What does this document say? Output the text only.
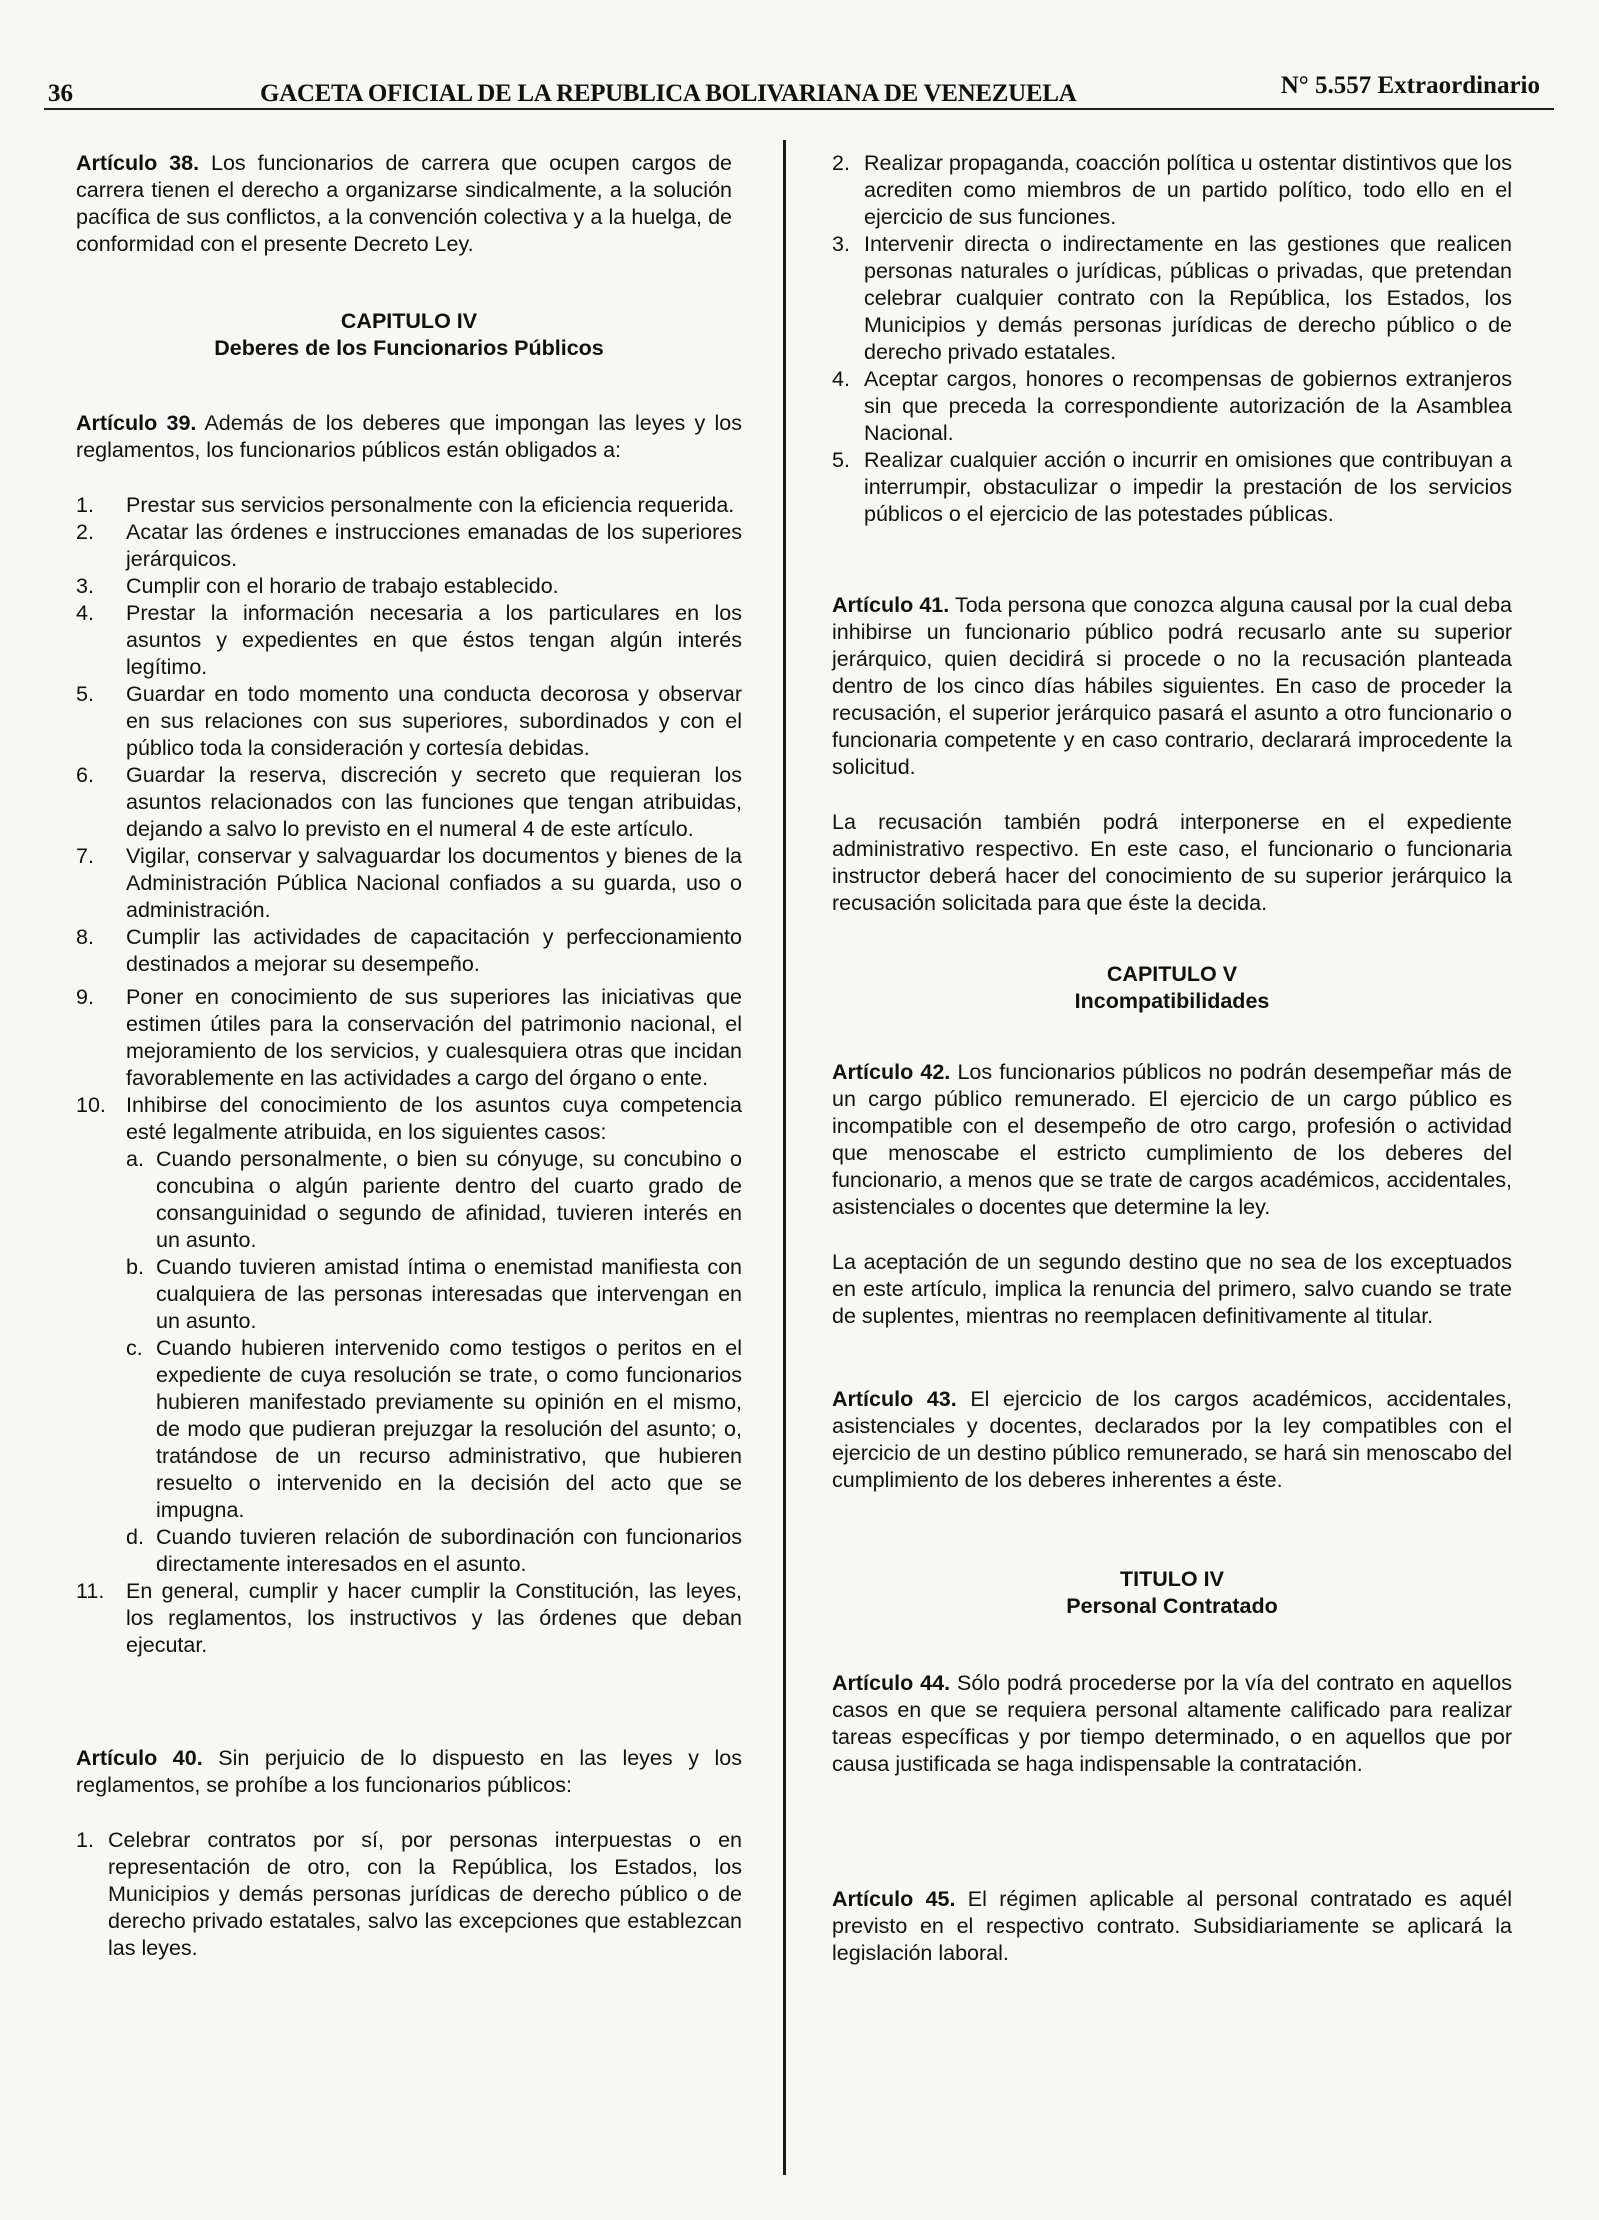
36	GACETA OFICIAL DE LA REPUBLICA BOLIVARIANA DE VENEZUELA	N° 5.557 Extraordinario

Artículo 38. Los funcionarios de carrera que ocupen cargos de carrera tienen el derecho a organizarse sindicalmente, a la solución pacífica de sus conflictos, a la convención colectiva y a la huelga, de conformidad con el presente Decreto Ley.

CAPITULO IV
Deberes de los Funcionarios Públicos

Artículo 39. Además de los deberes que impongan las leyes y los reglamentos, los funcionarios públicos están obligados a:

1. Prestar sus servicios personalmente con la eficiencia requerida.
2. Acatar las órdenes e instrucciones emanadas de los superiores jerárquicos.
3. Cumplir con el horario de trabajo establecido.
4. Prestar la información necesaria a los particulares en los asuntos y expedientes en que éstos tengan algún interés legítimo.
5. Guardar en todo momento una conducta decorosa y observar en sus relaciones con sus superiores, subordinados y con el público toda la consideración y cortesía debidas.
6. Guardar la reserva, discreción y secreto que requieran los asuntos relacionados con las funciones que tengan atribuidas, dejando a salvo lo previsto en el numeral 4 de este artículo.
7. Vigilar, conservar y salvaguardar los documentos y bienes de la Administración Pública Nacional confiados a su guarda, uso o administración.
8. Cumplir las actividades de capacitación y perfeccionamiento destinados a mejorar su desempeño.
9. Poner en conocimiento de sus superiores las iniciativas que estimen útiles para la conservación del patrimonio nacional, el mejoramiento de los servicios, y cualesquiera otras que incidan favorablemente en las actividades a cargo del órgano o ente.
10. Inhibirse del conocimiento de los asuntos cuya competencia esté legalmente atribuida, en los siguientes casos:
a. Cuando personalmente, o bien su cónyuge, su concubino o concubina o algún pariente dentro del cuarto grado de consanguinidad o segundo de afinidad, tuvieren interés en un asunto.
b. Cuando tuvieren amistad íntima o enemistad manifiesta con cualquiera de las personas interesadas que intervengan en un asunto.
c. Cuando hubieren intervenido como testigos o peritos en el expediente de cuya resolución se trate, o como funcionarios hubieren manifestado previamente su opinión en el mismo, de modo que pudieran prejuzgar la resolución del asunto; o, tratándose de un recurso administrativo, que hubieren resuelto o intervenido en la decisión del acto que se impugna.
d. Cuando tuvieren relación de subordinación con funcionarios directamente interesados en el asunto.
11. En general, cumplir y hacer cumplir la Constitución, las leyes, los reglamentos, los instructivos y las órdenes que deban ejecutar.

Artículo 40. Sin perjuicio de lo dispuesto en las leyes y los reglamentos, se prohíbe a los funcionarios públicos:

1. Celebrar contratos por sí, por personas interpuestas o en representación de otro, con la República, los Estados, los Municipios y demás personas jurídicas de derecho público o de derecho privado estatales, salvo las excepciones que establezcan las leyes.
2. Realizar propaganda, coacción política u ostentar distintivos que los acrediten como miembros de un partido político, todo ello en el ejercicio de sus funciones.
3. Intervenir directa o indirectamente en las gestiones que realicen personas naturales o jurídicas, públicas o privadas, que pretendan celebrar cualquier contrato con la República, los Estados, los Municipios y demás personas jurídicas de derecho público o de derecho privado estatales.
4. Aceptar cargos, honores o recompensas de gobiernos extranjeros sin que preceda la correspondiente autorización de la Asamblea Nacional.
5. Realizar cualquier acción o incurrir en omisiones que contribuyan a interrumpir, obstaculizar o impedir la prestación de los servicios públicos o el ejercicio de las potestades públicas.

Artículo 41. Toda persona que conozca alguna causal por la cual deba inhibirse un funcionario público podrá recusarlo ante su superior jerárquico, quien decidirá si procede o no la recusación planteada dentro de los cinco días hábiles siguientes. En caso de proceder la recusación, el superior jerárquico pasará el asunto a otro funcionario o funcionaria competente y en caso contrario, declarará improcedente la solicitud.

La recusación también podrá interponerse en el expediente administrativo respectivo. En este caso, el funcionario o funcionaria instructor deberá hacer del conocimiento de su superior jerárquico la recusación solicitada para que éste la decida.

CAPITULO V
Incompatibilidades

Artículo 42. Los funcionarios públicos no podrán desempeñar más de un cargo público remunerado. El ejercicio de un cargo público es incompatible con el desempeño de otro cargo, profesión o actividad que menoscabe el estricto cumplimiento de los deberes del funcionario, a menos que se trate de cargos académicos, accidentales, asistenciales o docentes que determine la ley.

La aceptación de un segundo destino que no sea de los exceptuados en este artículo, implica la renuncia del primero, salvo cuando se trate de suplentes, mientras no reemplacen definitivamente al titular.

Artículo 43. El ejercicio de los cargos académicos, accidentales, asistenciales y docentes, declarados por la ley compatibles con el ejercicio de un destino público remunerado, se hará sin menoscabo del cumplimiento de los deberes inherentes a éste.

TITULO IV
Personal Contratado

Artículo 44. Sólo podrá procederse por la vía del contrato en aquellos casos en que se requiera personal altamente calificado para realizar tareas específicas y por tiempo determinado, o en aquellos que por causa justificada se haga indispensable la contratación.

Artículo 45. El régimen aplicable al personal contratado es aquél previsto en el respectivo contrato. Subsidiariamente se aplicará la legislación laboral.
